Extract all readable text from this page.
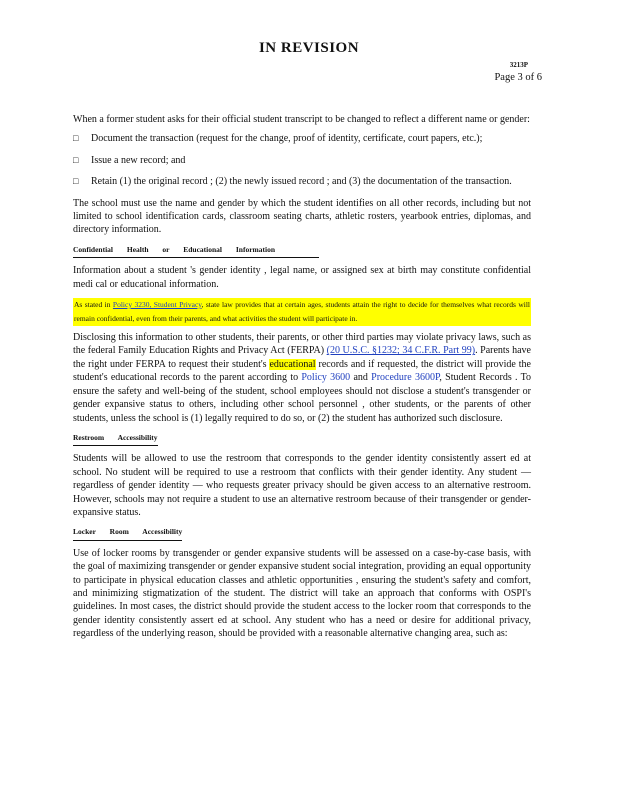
IN REVISION
3213P
Page 3 of 6

When a former student asks for their official student transcript to be changed to reflect a different name or gender:

□ Document the transaction (request for the change, proof of identity, certificate, court papers, etc.);
□ Issue a new record; and
□ Retain (1) the original record ; (2) the newly issued record ; and (3) the documentation of the transaction.

The school must use the name and gender by which the student identifies on all other records, including but not limited to school identification cards, classroom seating charts, athletic rosters, yearbook entries, diplomas, and directory information.

Confidential Health or Educational Information

Information about a student 's gender identity , legal name, or assigned sex at birth may constitute confidential medi cal or educational information.

As stated in Policy 3230, Student Privacy, state law provides that at certain ages, students attain the right to decide for themselves what records will remain confidential, even from their parents, and what activities the student will participate in.

Disclosing this information to other students, their parents, or other third parties may violate privacy laws, such as the federal Family Education Rights and Privacy Act (FERPA) (20 U.S.C. §1232; 34 C.F.R. Part 99). Parents have the right under FERPA to request their student's educational records and if requested, the district will provide the student's educational records to the parent according to Policy 3600 and Procedure 3600P, Student Records . To ensure the safety and well-being of the student, school employees should not disclose a student's transgender or gender expansive status to others, including other school personnel , other students, or the parents of other students, unless the school is (1) legally required to do so, or (2) the student has authorized such disclosure.

Restroom Accessibility

Students will be allowed to use the restroom that corresponds to the gender identity consistently assert ed at school. No student will be required to use a restroom that conflicts with their gender identity. Any student — regardless of gender identity — who requests greater privacy should be given access to an alternative restroom. However, schools may not require a student to use an alternative restroom because of their transgender or gender-expansive status.

Locker Room Accessibility

Use of locker rooms by transgender or gender expansive students will be assessed on a case-by-case basis, with the goal of maximizing transgender or gender expansive student social integration, providing an equal opportunity to participate in physical education classes and athletic opportunities , ensuring the student's safety and comfort, and minimizing stigmatization of the student. The district will take an approach that conforms with OSPI's guidelines. In most cases, the district should provide the student access to the locker room that corresponds to the gender identity consistently assert ed at school. Any student who has a need or desire for additional privacy, regardless of the underlying reason, should be provided with a reasonable alternative changing area, such as:
